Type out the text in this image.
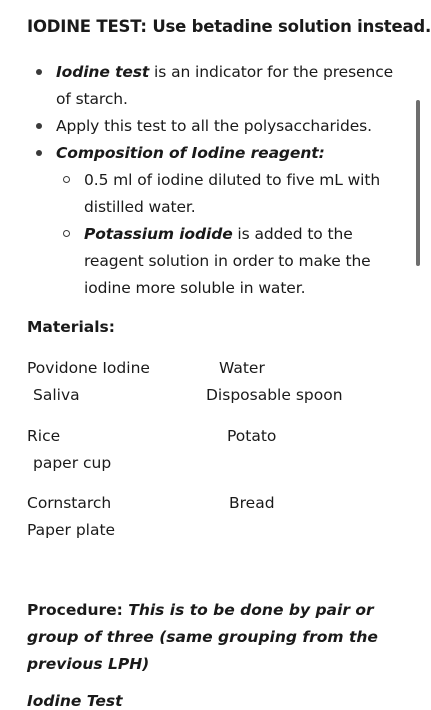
IODINE TEST: Use betadine solution instead.
Iodine test is an indicator for the presence
of starch.
Apply this test to all the polysaccharides.
Composition of Iodine reagent:
0.5 ml of iodine diluted to five mL with
distilled water.
Potassium iodide is added to the
reagent solution in order to make the
iodine more soluble in water.
Materials:
Povidone Iodine	Water
Saliva	Disposable spoon
Rice	Potato
paper cup
Cornstarch	Bread
Paper plate
Procedure: This is to be done by pair or
group of three (same grouping from the
previous LPH)
Iodine Test
